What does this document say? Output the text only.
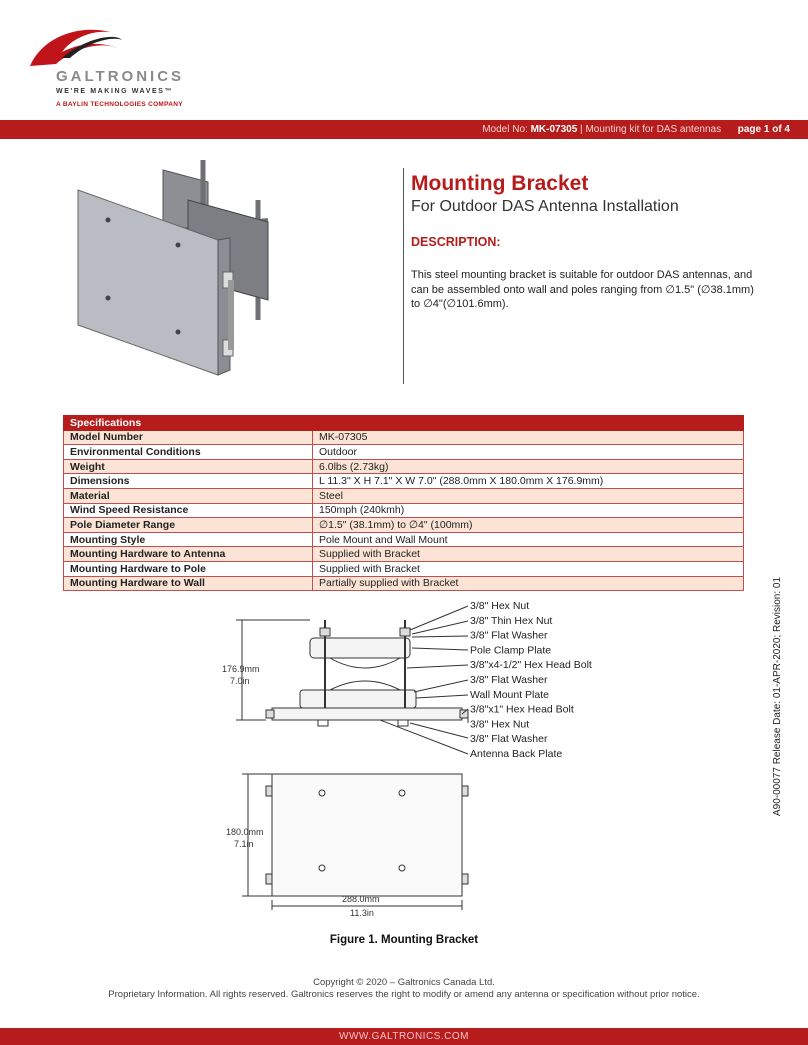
GALTRONICS
WE'RE MAKING WAVES™
A BAYLIN TECHNOLOGIES COMPANY
Model No: MK-07305 | Mounting kit for DAS antennas page 1 of 4
Mounting Bracket
For Outdoor DAS Antenna Installation
DESCRIPTION:
This steel mounting bracket is suitable for outdoor DAS antennas, and can be assembled onto wall and poles ranging from ∅1.5" (∅38.1mm) to ∅4"(∅101.6mm).
Specifications	
Model Number	MK-07305
Environmental Conditions	Outdoor
Weight	6.0lbs (2.73kg)
Dimensions	L 11.3" X H 7.1" X W 7.0" (288.0mm X 180.0mm X 176.9mm)
Material	Steel
Wind Speed Resistance	150mph (240kmh)
Pole Diameter Range	∅1.5" (38.1mm) to ∅4" (100mm)
Mounting Style	Pole Mount and Wall Mount
Mounting Hardware to Antenna	Supplied with Bracket
Mounting Hardware to Pole	Supplied with Bracket
Mounting Hardware to Wall	Partially supplied with Bracket
176.9mm
7.0in
180.0mm
7.1in
288.0mm
11.3in
3/8" Hex Nut
3/8" Thin Hex Nut
3/8" Flat Washer
Pole Clamp Plate
3/8"x4-1/2" Hex Head Bolt
3/8" Flat Washer
Wall Mount Plate
3/8"x1" Hex Head Bolt
3/8" Hex Nut
3/8" Flat Washer
Antenna Back Plate
Figure 1. Mounting Bracket
A90-00077 Release Date: 01-APR-2020; Revision: 01
Copyright © 2020 – Galtronics Canada Ltd.
Proprietary Information. All rights reserved. Galtronics reserves the right to modify or amend any antenna or specification without prior notice.
WWW.GALTRONICS.COM
